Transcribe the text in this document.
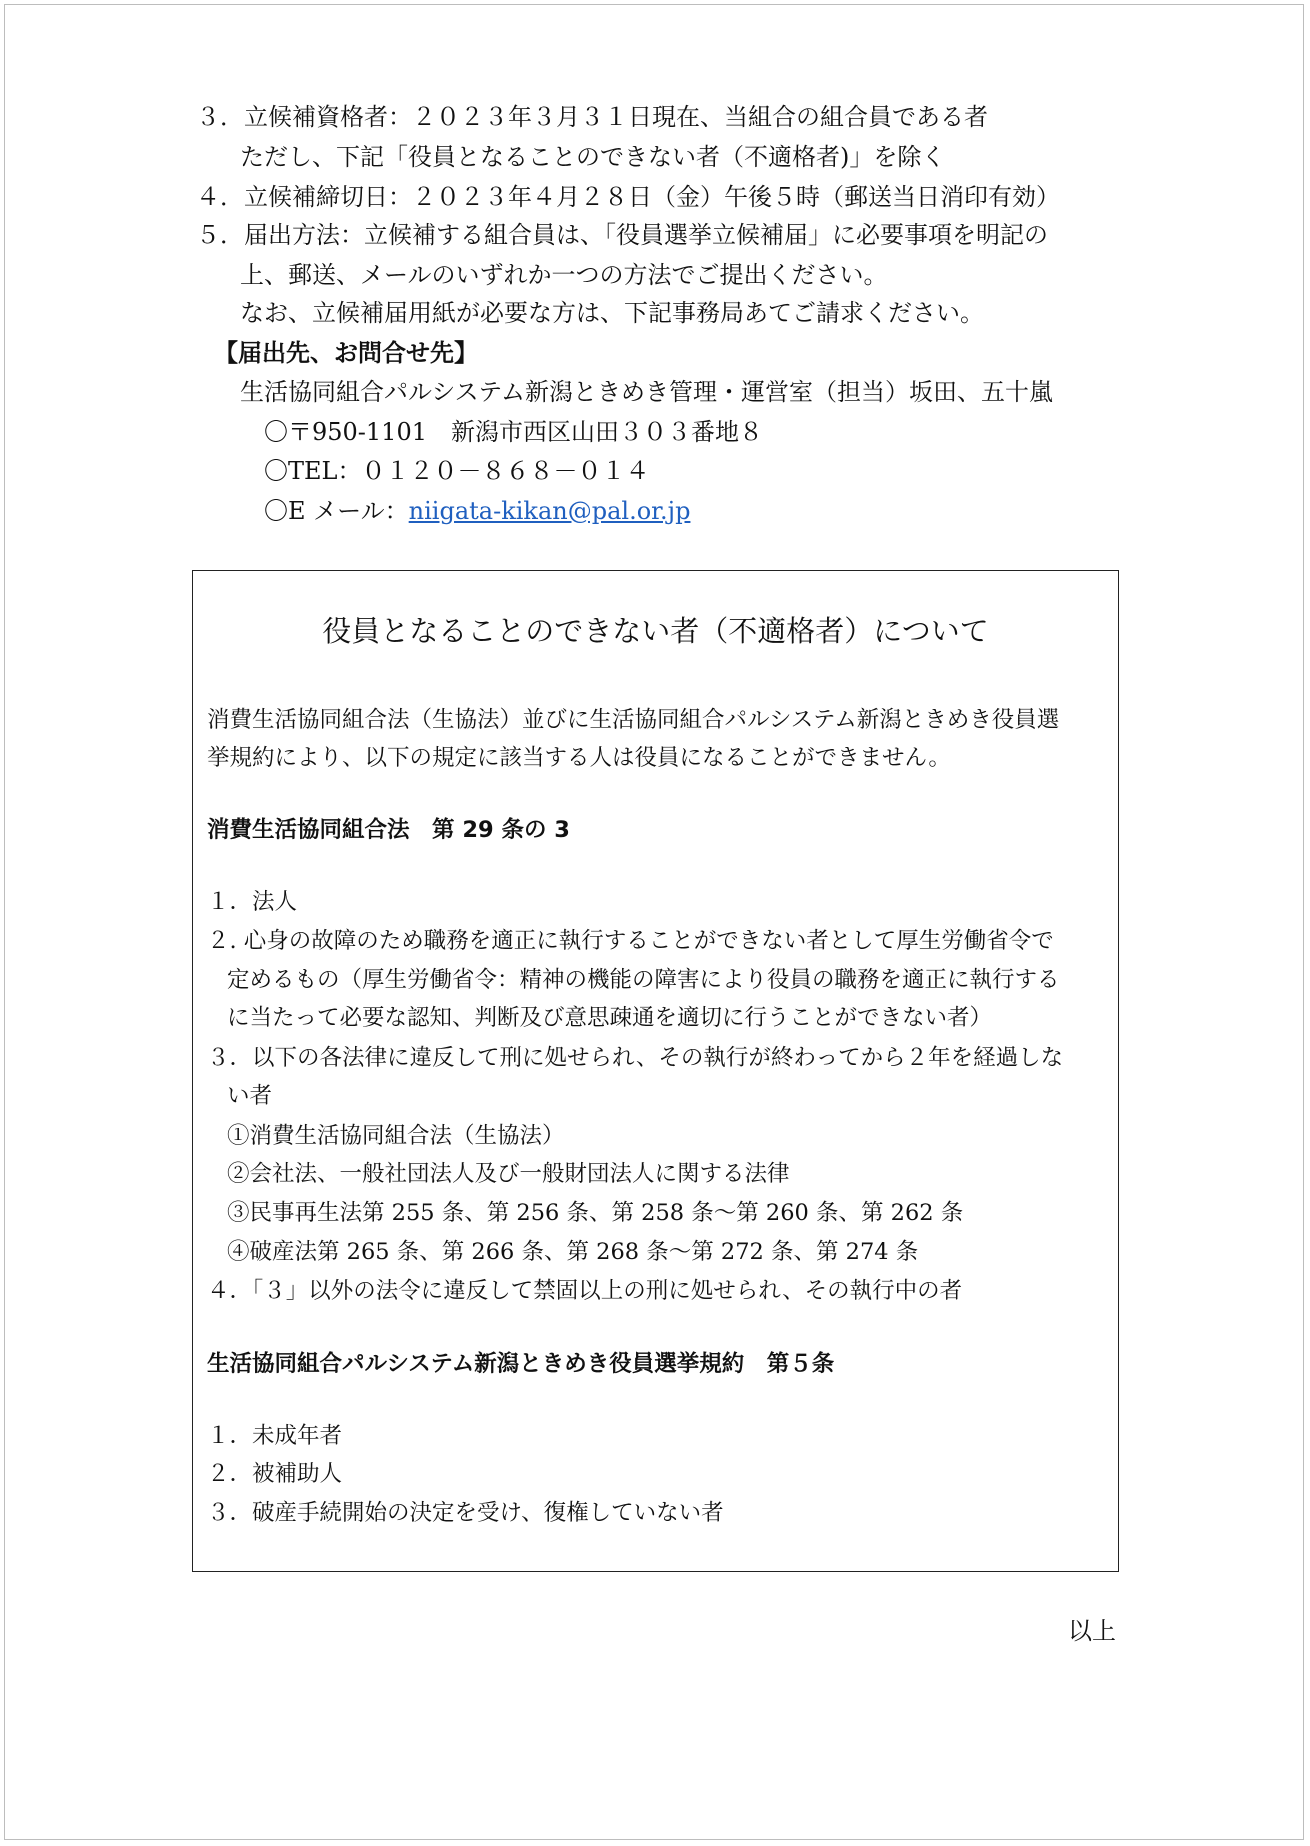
３．立候補資格者：２０２３年３月３１日現在、当組合の組合員である者
ただし、下記「役員となることのできない者（不適格者)」を除く
４．立候補締切日：２０２３年４月２８日（金）午後５時（郵送当日消印有効）
５．届出方法：立候補する組合員は、「役員選挙立候補届」に必要事項を明記の
上、郵送、メールのいずれか一つの方法でご提出ください。
なお、立候補届用紙が必要な方は、下記事務局あてご請求ください。
【届出先、お問合せ先】
生活協同組合パルシステム新潟ときめき管理・運営室（担当）坂田、五十嵐
〇〒950-1101　新潟市西区山田３０３番地８
〇TEL：０１２０－８６８－０１４
〇E メール：niigata-kikan@pal.or.jp
役員となることのできない者（不適格者）について
消費生活協同組合法（生協法）並びに生活協同組合パルシステム新潟ときめき役員選
挙規約により、以下の規定に該当する人は役員になることができません。
消費生活協同組合法　第 29 条の 3
１．法人
２. 心身の故障のため職務を適正に執行することができない者として厚生労働省令で
定めるもの（厚生労働省令：精神の機能の障害により役員の職務を適正に執行する
に当たって必要な認知、判断及び意思疎通を適切に行うことができない者）
３．以下の各法律に違反して刑に処せられ、その執行が終わってから２年を経過しな
い者
①消費生活協同組合法（生協法）
②会社法、一般社団法人及び一般財団法人に関する法律
③民事再生法第 255 条、第 256 条、第 258 条～第 260 条、第 262 条
④破産法第 265 条、第 266 条、第 268 条～第 272 条、第 274 条
４．「３」以外の法令に違反して禁固以上の刑に処せられ、その執行中の者
生活協同組合パルシステム新潟ときめき役員選挙規約　第５条
１．未成年者
２．被補助人
３．破産手続開始の決定を受け、復権していない者
以上
